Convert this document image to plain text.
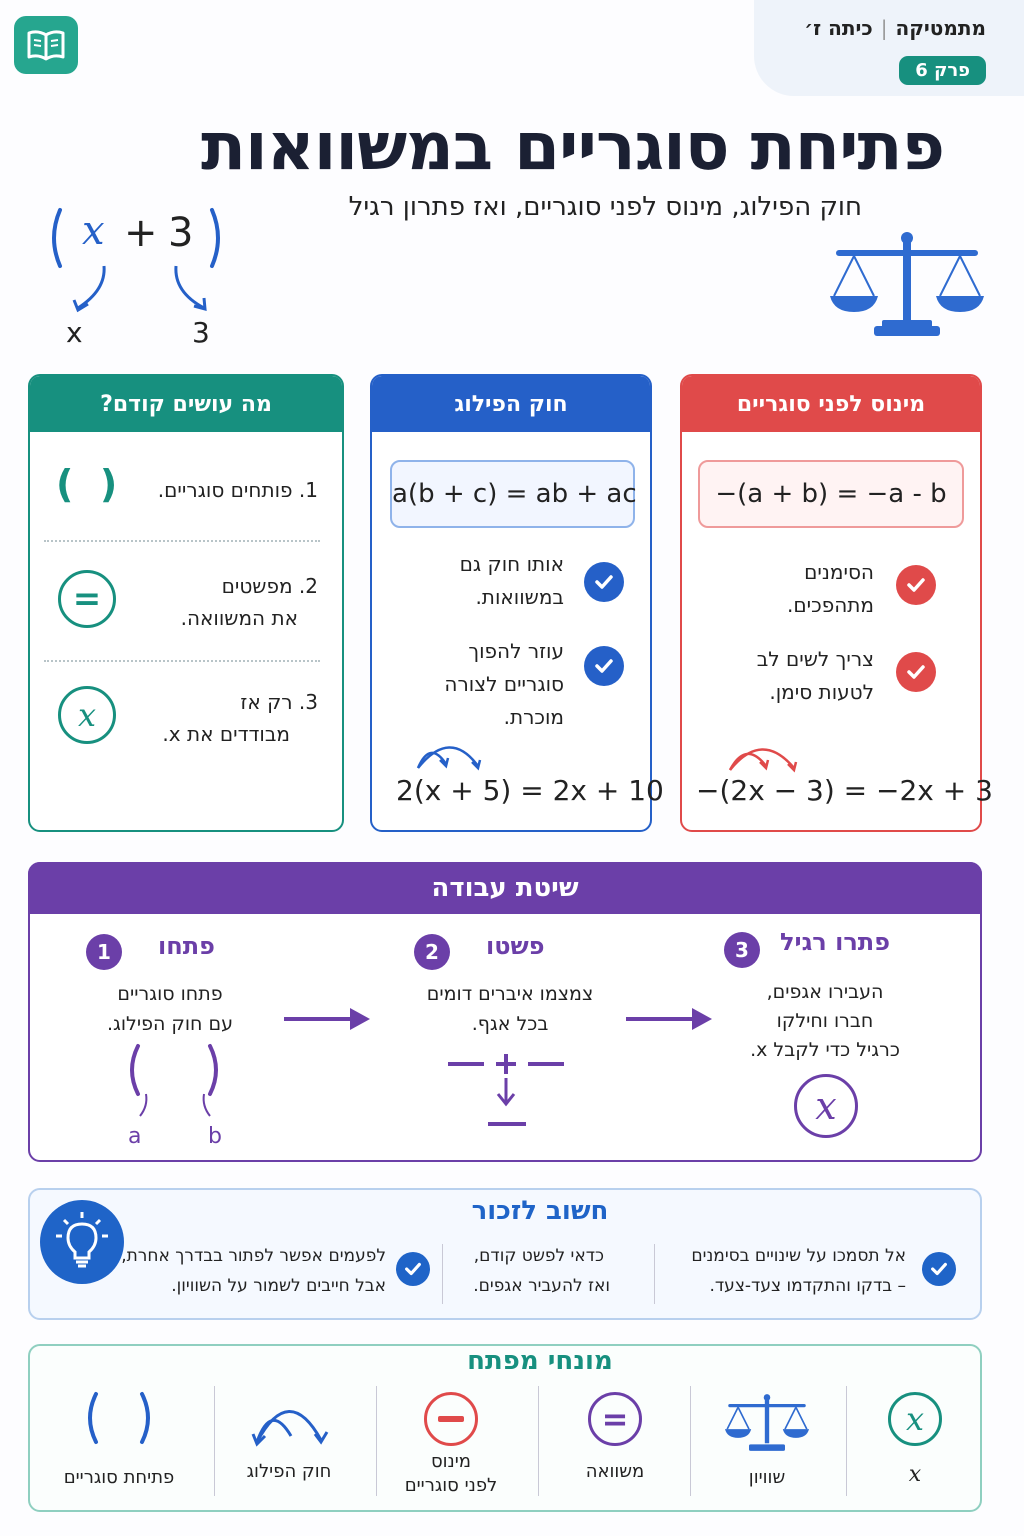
מתמטיקה|כיתה ז׳
פרק 6
פתיחת סוגריים במשוואות
חוק הפילוג, מינוס לפני סוגריים, ואז פתרון רגיל
x + 3
x	3
מינוס לפני סוגריים
−(a + b) = −a - b
הסימנים מתהפכים.
צריך לשים לב לטעות סימן.
−(2x − 3) = −2x + 3
חוק הפילוג
a(b + c) = ab + ac
אותו חוק גם במשוואות.
עוזר להפוך סוגריים לצורה מוכרת.
2(x + 5) = 2x + 10
מה עושים קודם?
(  )	1. פותחים סוגריים.
=	2. מפשטים
את המשוואה.
x	3. רק אז
מבודדים את x.
שיטת עבודה
1	פתחו
פתחו סוגריים
עם חוק הפילוג.
a	b
2	פשטו
צמצמו איברים דומים
בכל אגף.
3	פתרו רגיל
העבירו אגפים,
חברו וחילקו
כרגיל כדי לקבל x.
x
חשוב לזכור
אל תסמכו על שינויים בסימנים
– בדקו והתקדמו צעד-צעד.
כדאי לפשט קודם,
ואז להעביר אגפים.
לפעמים אפשר לפתור בבדרך אחרת,
אבל חייבים לשמור על השוויון.
מונחי מפתח
x
x
שוויון
=
משוואה
מינוס
לפני סוגריים
חוק הפילוג
פתיחת סוגריים
